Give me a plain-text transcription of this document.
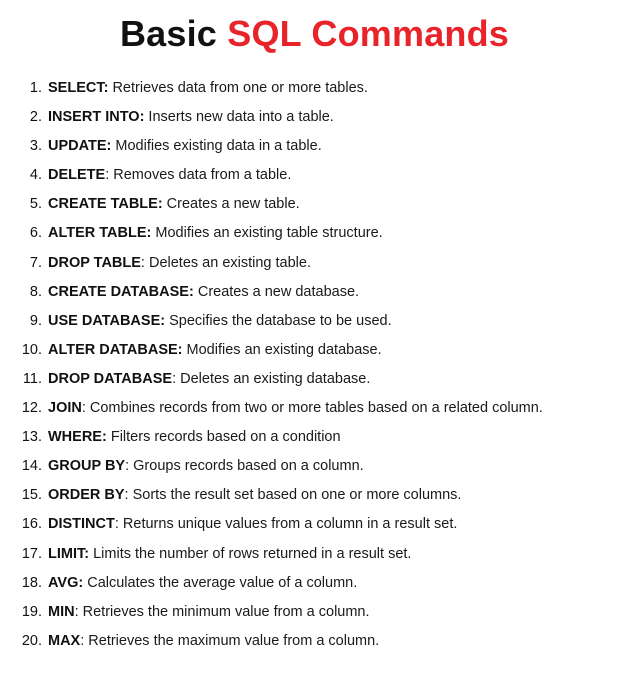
Basic SQL Commands
1. SELECT: Retrieves data from one or more tables.
2. INSERT INTO: Inserts new data into a table.
3. UPDATE: Modifies existing data in a table.
4. DELETE: Removes data from a table.
5. CREATE TABLE: Creates a new table.
6. ALTER TABLE: Modifies an existing table structure.
7. DROP TABLE: Deletes an existing table.
8. CREATE DATABASE: Creates a new database.
9. USE DATABASE: Specifies the database to be used.
10. ALTER DATABASE: Modifies an existing database.
11. DROP DATABASE: Deletes an existing database.
12. JOIN: Combines records from two or more tables based on a related column.
13. WHERE: Filters records based on a condition
14. GROUP BY: Groups records based on a column.
15. ORDER BY: Sorts the result set based on one or more columns.
16. DISTINCT: Returns unique values from a column in a result set.
17. LIMIT: Limits the number of rows returned in a result set.
18. AVG: Calculates the average value of a column.
19. MIN: Retrieves the minimum value from a column.
20. MAX: Retrieves the maximum value from a column.
